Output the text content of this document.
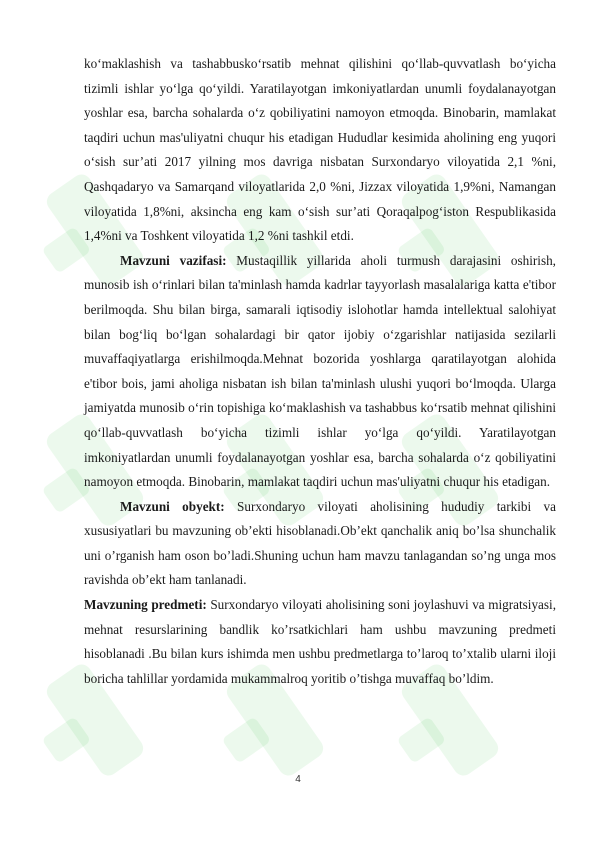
ko‘maklashish va tashabbusko‘rsatib mehnat qilishini qo‘llab-quvvatlash bo‘yicha tizimli ishlar yo‘lga qo‘yildi. Yaratilayotgan imkoniyatlardan unumli foydalanayotgan yoshlar esa, barcha sohalarda o‘z qobiliyatini namoyon etmoqda. Binobarin, mamlakat taqdiri uchun mas'uliyatni chuqur his etadigan Hududlar kesimida aholining eng yuqori o‘sish sur’ati 2017 yilning mos davriga nisbatan Surxondaryo viloyatida 2,1 %ni, Qashqadaryo va Samarqand viloyatlarida 2,0 %ni, Jizzax viloyatida 1,9%ni, Namangan viloyatida 1,8%ni, aksincha eng kam o‘sish sur’ati Qoraqalpog‘iston Respublikasida 1,4%ni va Toshkent viloyatida 1,2 %ni tashkil etdi.

Mavzuni vazifasi: Mustaqillik yillarida aholi turmush darajasini oshirish, munosib ish o‘rinlari bilan ta'minlash hamda kadrlar tayyorlash masalalariga katta e'tibor berilmoqda. Shu bilan birga, samarali iqtisodiy islohotlar hamda intellektual salohiyat bilan bog‘liq bo‘lgan sohalardagi bir qator ijobiy o‘zgarishlar natijasida sezilarli muvaffaqiyatlarga erishilmoqda.Mehnat bozorida yoshlarga qaratilayotgan alohida e'tibor bois, jami aholiga nisbatan ish bilan ta'minlash ulushi yuqori bo‘lmoqda. Ularga jamiyatda munosib o‘rin topishiga ko‘maklashish va tashabbus ko‘rsatib mehnat qilishini qo‘llab-quvvatlash bo‘yicha tizimli ishlar yo‘lga qo‘yildi. Yaratilayotgan imkoniyatlardan unumli foydalanayotgan yoshlar esa, barcha sohalarda o‘z qobiliyatini namoyon etmoqda. Binobarin, mamlakat taqdiri uchun mas'uliyatni chuqur his etadigan.

Mavzuni obyekt: Surxondaryo viloyati aholisining hududiy tarkibi va xususiyatlari bu mavzuning ob’ekti hisoblanadi.Ob’ekt qanchalik aniq bo’lsa shunchalik uni o’rganish ham oson bo’ladi.Shuning uchun ham mavzu tanlagandan so’ng unga mos ravishda ob’ekt ham tanlanadi.

Mavzuning predmeti: Surxondaryo viloyati aholisining soni joylashuvi va migratsiyasi, mehnat resurslarining bandlik ko’rsatkichlari ham ushbu mavzuning predmeti hisoblanadi .Bu bilan kurs ishimda men ushbu predmetlarga to’laroq to’xtalib ularni iloji boricha tahlillar yordamida mukammalroq yoritib o’tishga muvaffaq bo’ldim.

4
